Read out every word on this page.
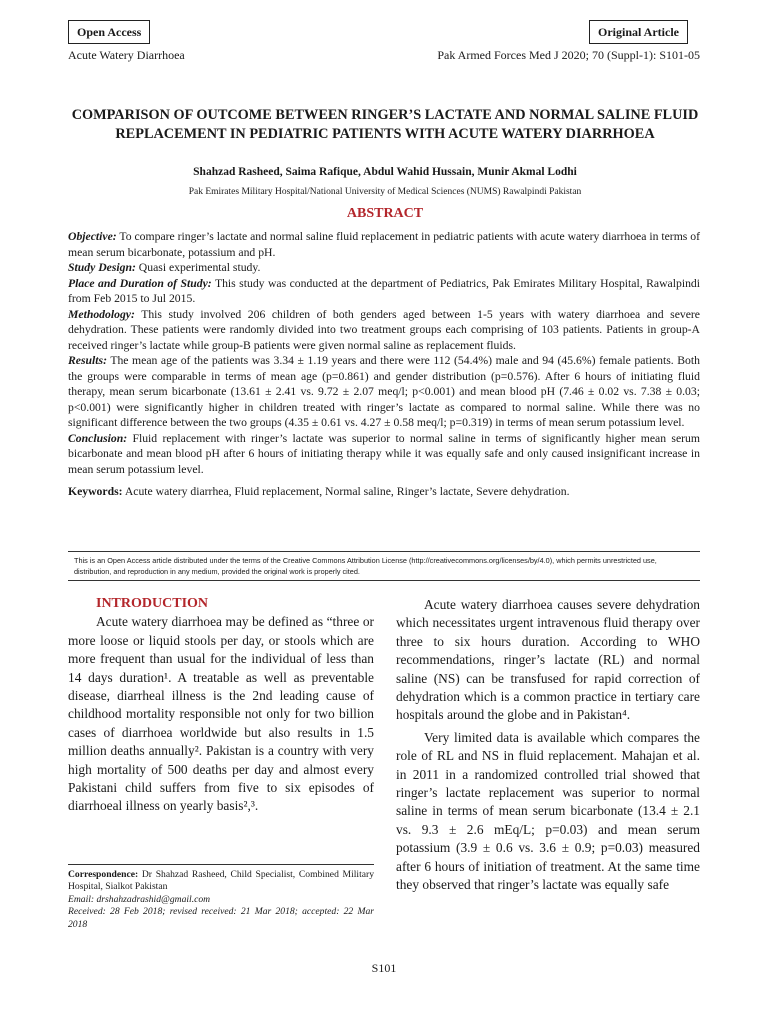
Open Access	Original Article
Acute Watery Diarrhoea	Pak Armed Forces Med J 2020; 70 (Suppl-1): S101-05
COMPARISON OF OUTCOME BETWEEN RINGER’S LACTATE AND NORMAL SALINE FLUID REPLACEMENT IN PEDIATRIC PATIENTS WITH ACUTE WATERY DIARRHOEA
Shahzad Rasheed, Saima Rafique, Abdul Wahid Hussain, Munir Akmal Lodhi
Pak Emirates Military Hospital/National University of Medical Sciences (NUMS) Rawalpindi Pakistan
ABSTRACT

Objective: To compare ringer’s lactate and normal saline fluid replacement in pediatric patients with acute watery diarrhoea in terms of mean serum bicarbonate, potassium and pH.

Study Design: Quasi experimental study.

Place and Duration of Study: This study was conducted at the department of Pediatrics, Pak Emirates Military Hospital, Rawalpindi from Feb 2015 to Jul 2015.

Methodology: This study involved 206 children of both genders aged between 1-5 years with watery diarrhoea and severe dehydration. These patients were randomly divided into two treatment groups each comprising of 103 patients. Patients in group-A received ringer’s lactate while group-B patients were given normal saline as replacement fluids.

Results: The mean age of the patients was 3.34 ± 1.19 years and there were 112 (54.4%) male and 94 (45.6%) female patients. Both the groups were comparable in terms of mean age (p=0.861) and gender distribution (p=0.576). After 6 hours of initiating fluid therapy, mean serum bicarbonate (13.61 ± 2.41 vs. 9.72 ± 2.07 meq/l; p<0.001) and mean blood pH (7.46 ± 0.02 vs. 7.38 ± 0.03; p<0.001) were significantly higher in children treated with ringer’s lactate as compared to normal saline. While there was no significant difference between the two groups (4.35 ± 0.61 vs. 4.27 ± 0.58 meq/l; p=0.319) in terms of mean serum potassium level.

Conclusion: Fluid replacement with ringer’s lactate was superior to normal saline in terms of significantly higher mean serum bicarbonate and mean blood pH after 6 hours of initiating therapy while it was equally safe and only caused insignificant increase in mean serum potassium level.

Keywords: Acute watery diarrhea, Fluid replacement, Normal saline, Ringer’s lactate, Severe dehydration.

This is an Open Access article distributed under the terms of the Creative Commons Attribution License (http://creativecommons.org/licenses/by/4.0), which permits unrestricted use, distribution, and reproduction in any medium, provided the original work is properly cited.

INTRODUCTION

Acute watery diarrhoea may be defined as “three or more loose or liquid stools per day, or stools which are more frequent than usual for the individual of less than 14 days duration¹. A treatable as well as preventable disease, diarrheal illness is the 2nd leading cause of childhood mortality responsible not only for two billion cases of diarrhoea worldwide but also results in 1.5 million deaths annually². Pakistan is a country with very high mortality of 500 deaths per day and almost every Pakistani child suffers from five to six episodes of diarrhoeal illness on yearly basis²,³.

Correspondence: Dr Shahzad Rasheed, Child Specialist, Combined Military Hospital, Sialkot Pakistan

Email: drshahzadrashid@gmail.com

Received: 28 Feb 2018; revised received: 21 Mar 2018; accepted: 22 Mar 2018

Acute watery diarrhoea causes severe dehydration which necessitates urgent intravenous fluid therapy over three to six hours duration. According to WHO recommendations, ringer’s lactate (RL) and normal saline (NS) can be transfused for rapid correction of dehydration which is a common practice in tertiary care hospitals around the globe and in Pakistan⁴.

Very limited data is available which compares the role of RL and NS in fluid replacement. Mahajan et al. in 2011 in a randomized controlled trial showed that ringer’s lactate replacement was superior to normal saline in terms of mean serum bicarbonate (13.4 ± 2.1 vs. 9.3 ± 2.6 mEq/L; p=0.03) and mean serum potassium (3.9 ± 0.6 vs. 3.6 ± 0.9; p=0.03) measured after 6 hours of initiation of treatment. At the same time they observed that ringer’s lactate was equally safe

S101
